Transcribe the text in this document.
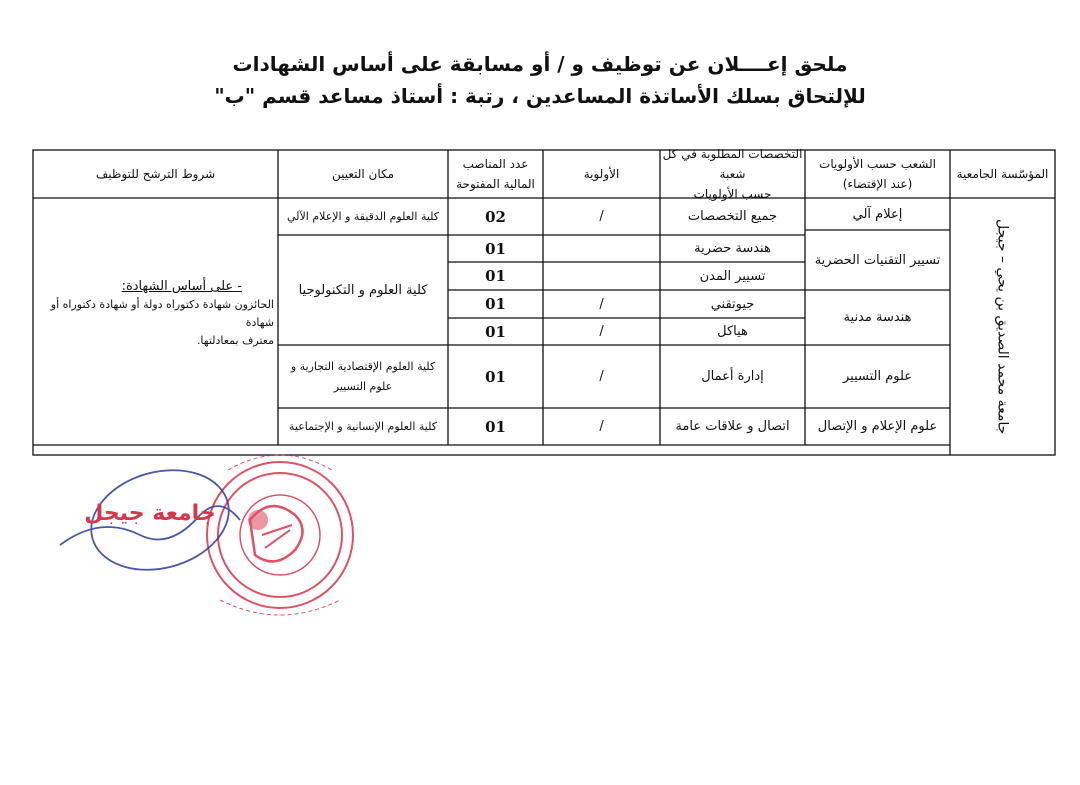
ملحق إعــــلان عن توظيف و / أو مسابقة على أساس الشهادات
للإلتحاق بسلك الأساتذة المساعدين ، رتبة : أستاذ مساعد قسم "ب"
المؤسّسة الجامعية
الشعب حسب الأولويات
(عند الإقتضاء)
التخصصات المطلوبة في كل شعبة
حسب الأولويات
الأولوية
عدد المناصب
المالية المفتوحة
مكان التعيين
شروط الترشح للتوظيف
جامعة محمد الصديق بن يحي – جيجل
إعلام آلي
تسيير التقنيات الحضرية
هندسة مدنية
علوم التسيير
علوم الإعلام و الإتصال
جميع التخصصات
هندسة حضرية
تسيير المدن
جيوتقني
هياكل
إدارة أعمال
اتصال و علاقات عامة
/
/
/
/
/
02
01
01
01
01
01
01
كلية العلوم الدقيقة و الإعلام الآلي
كلية العلوم و التكنولوجيا
كلية العلوم الإقتصادية التجارية و
علوم التسيير
كلية العلوم الإنسانية و الإجتماعية
- على أساس الشهادة:
الحائزون شهادة دكتوراه دولة أو شهادة دكتوراه أو شهادة
معترف بمعادلتها.
جامعة جيجل
